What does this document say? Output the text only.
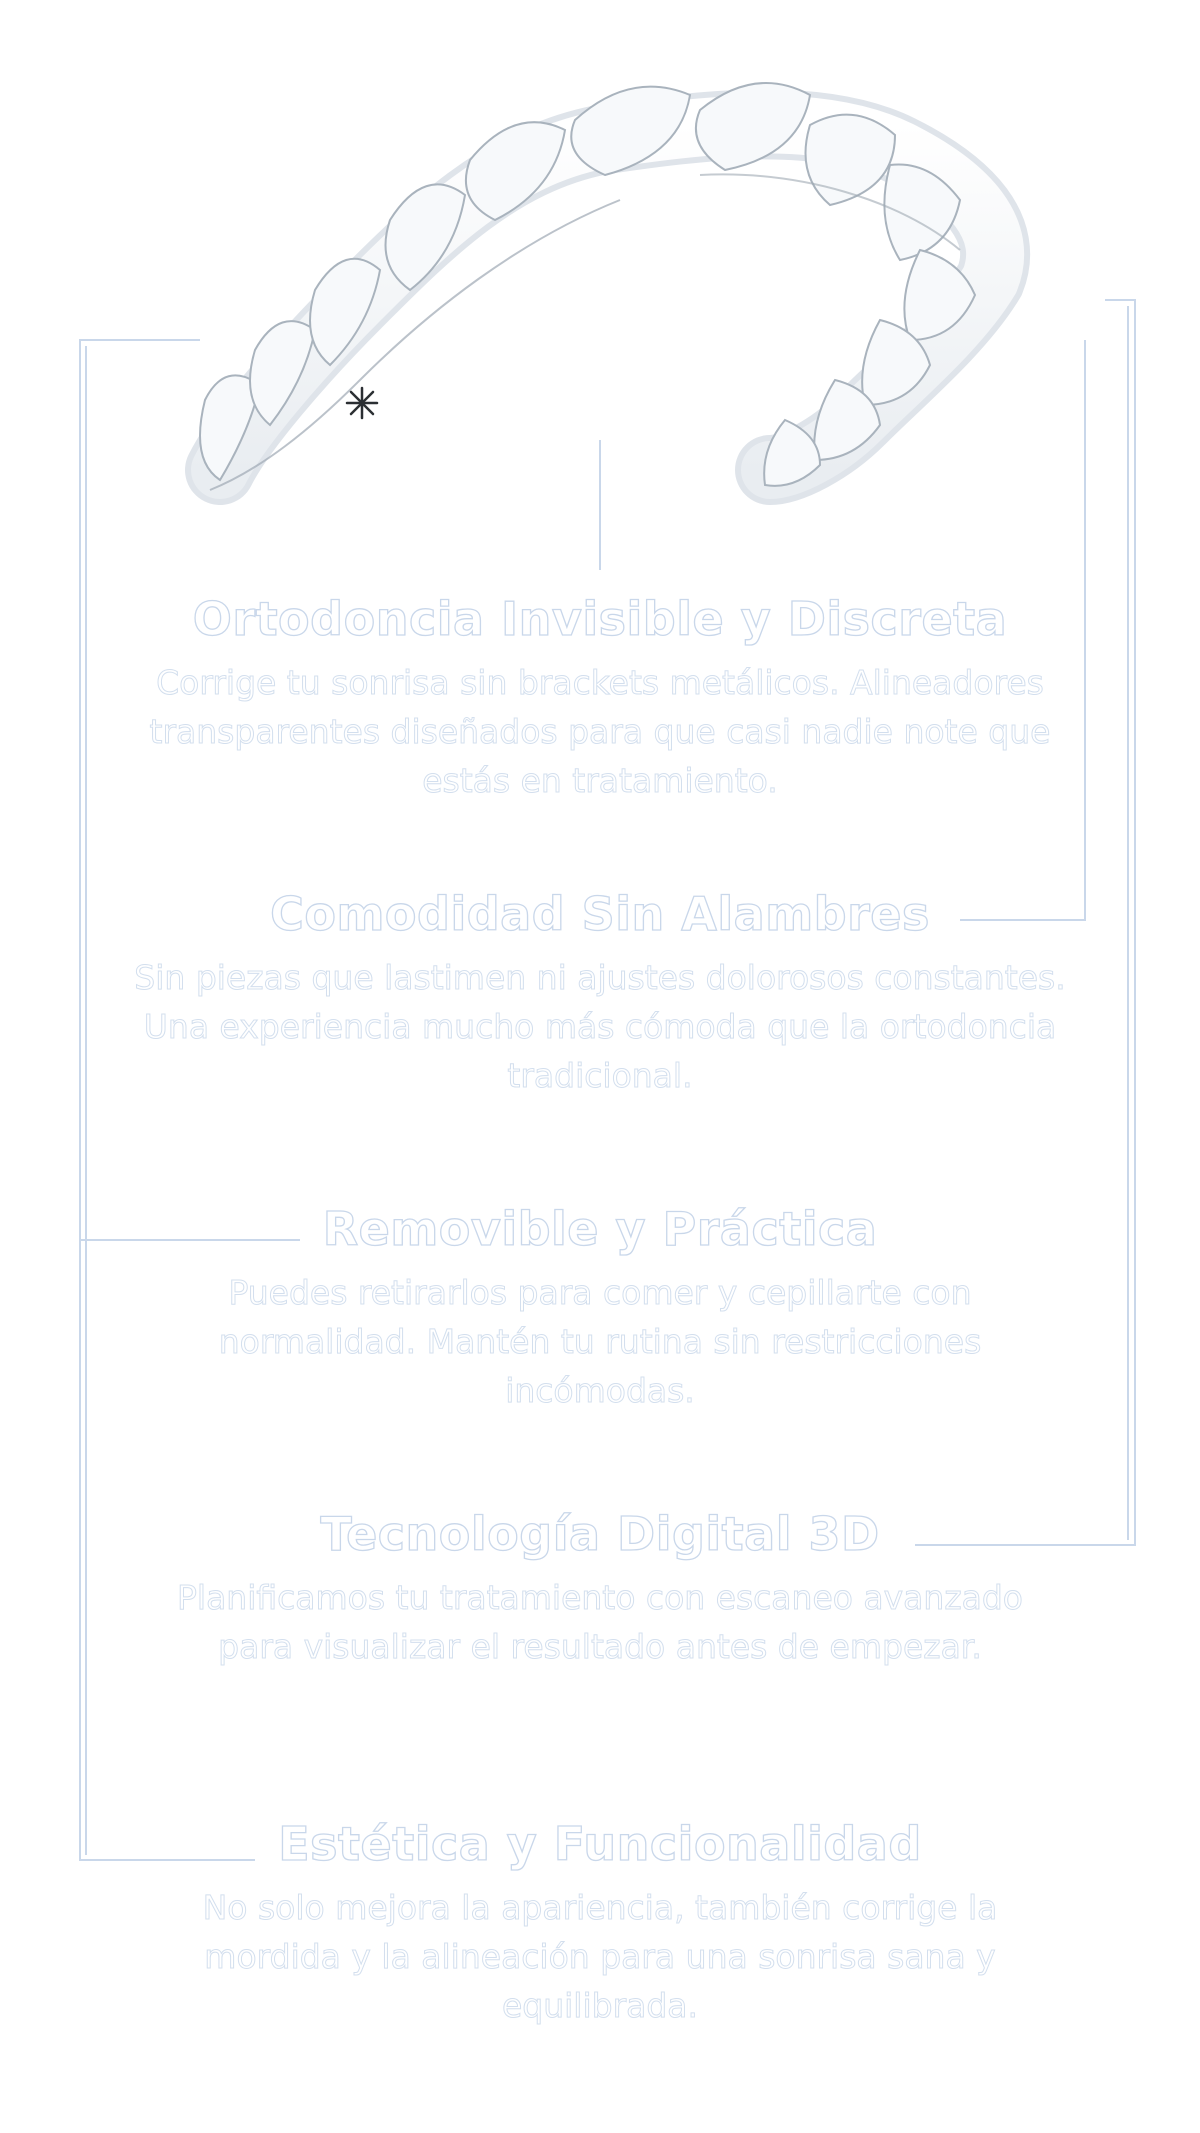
Ortodoncia Invisible y Discreta

Corrige tu sonrisa sin brackets metálicos. Alineadores transparentes diseñados para que casi nadie note que estás en tratamiento.

Comodidad Sin Alambres

Sin piezas que lastimen ni ajustes dolorosos constantes. Una experiencia mucho más cómoda que la ortodoncia tradicional.

Removible y Práctica

Puedes retirarlos para comer y cepillarte con normalidad. Mantén tu rutina sin restricciones incómodas.

Tecnología Digital 3D

Planificamos tu tratamiento con escaneo avanzado para visualizar el resultado antes de empezar.

Estética y Funcionalidad

No solo mejora la apariencia, también corrige la mordida y la alineación para una sonrisa sana y equilibrada.
